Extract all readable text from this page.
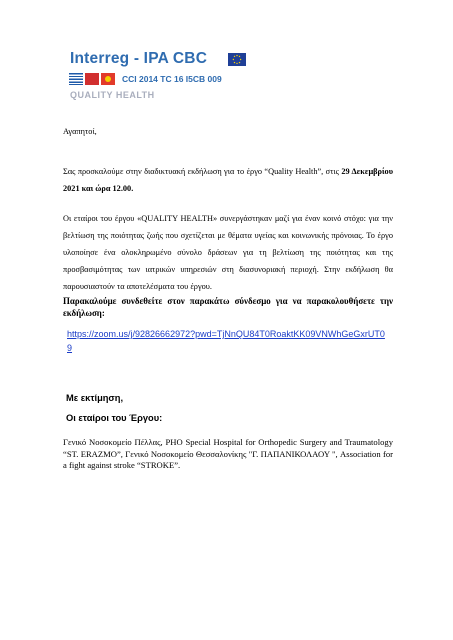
Interreg - IPA CBC
CCI 2014 TC 16 I5CB 009
QUALITY HEALTH
Αγαπητοί,
Σας προσκαλούμε στην διαδικτυακή εκδήλωση για το έργο “Quality Health”, στις 29 Δεκεμβρίου 2021 και ώρα 12.00.
Οι εταίροι του έργου «QUALITY HEALTH» συνεργάστηκαν μαζί για έναν κοινό στόχο: για την βελτίωση της ποιότητας ζωής που σχετίζεται με θέματα υγείας και κοινωνικής πρόνοιας. Το έργο υλοποίησε ένα ολοκληρωμένο σύνολο δράσεων για τη βελτίωση της ποιότητας και της προσβασιμότητας των ιατρικών υπηρεσιών στη διασυνοριακή περιοχή. Στην εκδήλωση θα παρουσιαστούν τα αποτελέσματα του έργου.
Παρακαλούμε συνδεθείτε στον παρακάτω σύνδεσμο για να παρακολουθήσετε την εκδήλωση:
https://zoom.us/j/92826662972?pwd=TjNnQU84T0RoaktKK09VNWhGeGxrUT09
Με εκτίμηση,
Οι εταίροι του Έργου:
Γενικό Νοσοκομείο Πέλλας, PHO Special Hospital for Orthopedic Surgery and Traumatology “ST. ERAZMO”, Γενικό Νοσοκομείο Θεσσαλονίκης "Γ. ΠΑΠΑΝΙΚΟΛΑΟΥ ", Association for a fight against stroke “STROKE”.
